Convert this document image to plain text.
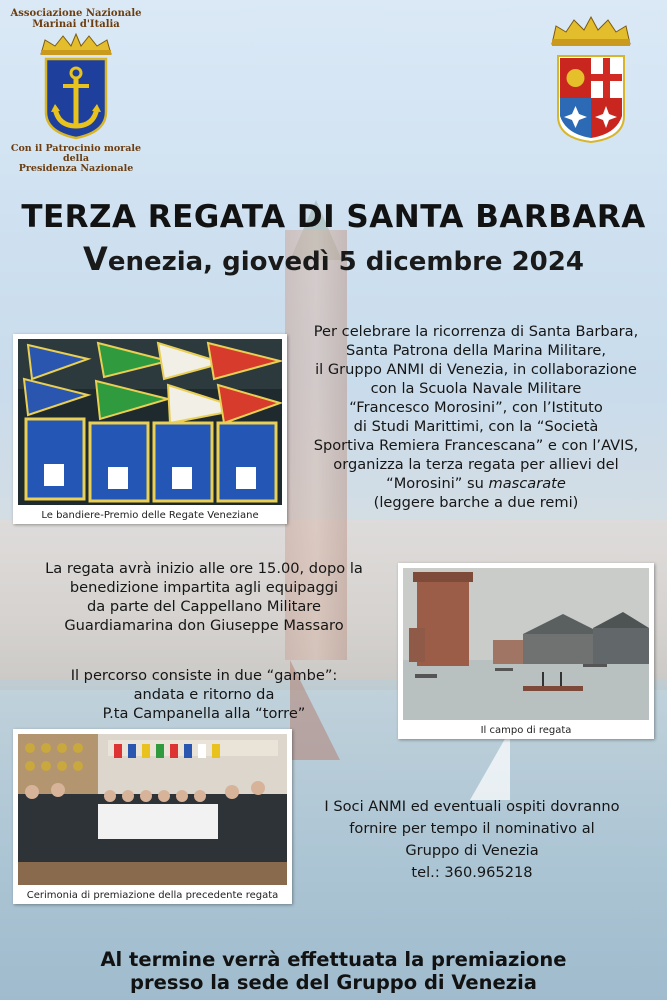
Associazione Nazionale
Marinai d'Italia
Con il Patrocinio morale della
Presidenza Nazionale
TERZA REGATA DI SANTA BARBARA
Venezia, giovedì 5 dicembre 2024
Le bandiere-Premio delle Regate Veneziane
Per celebrare la ricorrenza di Santa Barbara,
Santa Patrona della Marina Militare,
il Gruppo ANMI di Venezia, in collaborazione
con la Scuola Navale Militare
“Francesco Morosini”, con l’Istituto
di Studi Marittimi, con la “Società
Sportiva Remiera Francescana” e con l’AVIS,
organizza la terza regata per allievi del
“Morosini” su mascarate
(leggere barche a due remi)
La regata avrà inizio alle ore 15.00, dopo la
benedizione impartita agli equipaggi
da parte del Cappellano Militare
Guardiamarina don Giuseppe Massaro
Il percorso consiste in due “gambe”:
andata e ritorno da
P.ta Campanella alla “torre”
Il campo di regata
Cerimonia di premiazione della precedente regata
I Soci ANMI ed eventuali ospiti dovranno
fornire per tempo il nominativo al
Gruppo di Venezia
tel.: 360.965218
Al termine verrà effettuata la premiazione
presso la sede del Gruppo di Venezia
